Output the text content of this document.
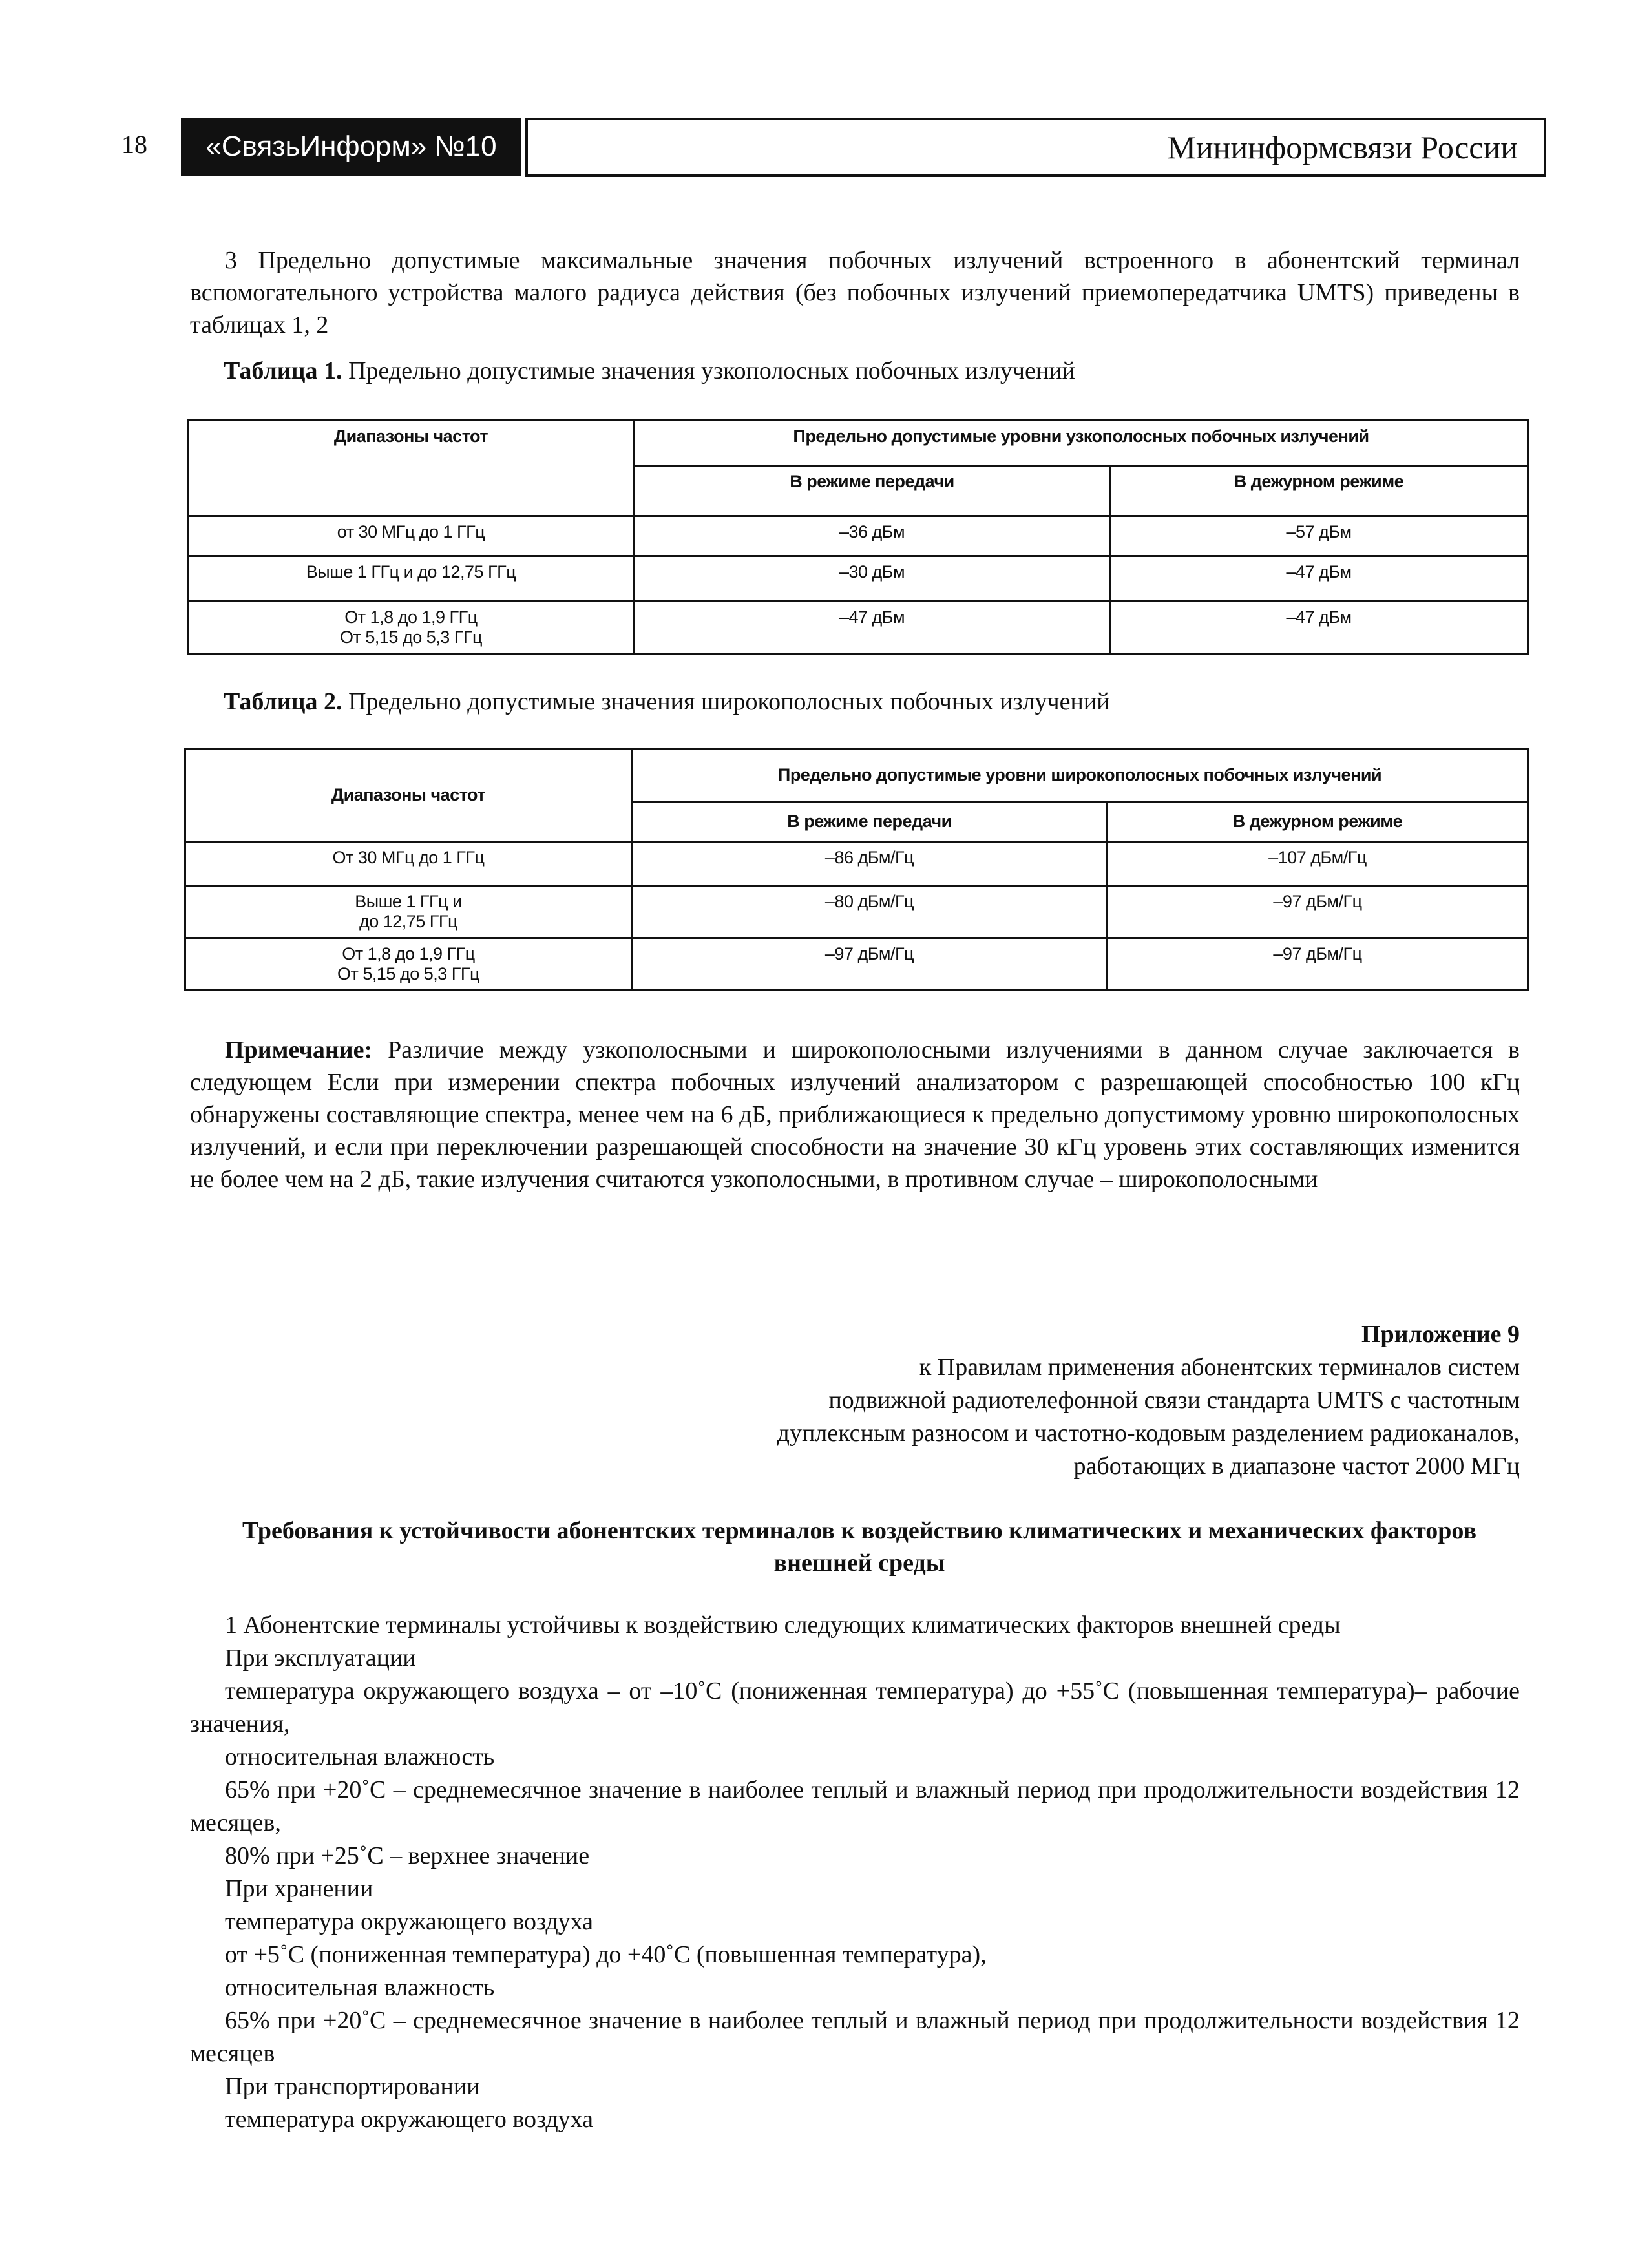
18	«СвязьИнформ» №10	Мининформсвязи России
3 Предельно допустимые максимальные значения побочных излучений встроенного в абонентский терминал вспомогательного устройства малого радиуса действия (без побочных излучений приемопередатчика UMTS) приведены в таблицах 1, 2
Таблица 1. Предельно допустимые значения узкополосных побочных излучений
Диапазоны частот	Предельно допустимые уровни узкополосных побочных излучений	
	В режиме передачи	В дежурном режиме
от 30 МГц до 1 ГГц	–36 дБм	–57 дБм
Выше 1 ГГц и до 12,75 ГГц	–30 дБм	–47 дБм

От 1,8 до 1,9 ГГц
От 5,15 до 5,3 ГГц	–47 дБм	–47 дБм
Таблица 2. Предельно допустимые значения широкополосных побочных излучений
Диапазоны частот	Предельно допустимые уровни широкополосных побочных излучений	
	В режиме передачи	В дежурном режиме
От 30 МГц до 1 ГГц	–86 дБм/Гц	–107 дБм/Гц

Выше 1 ГГц и
до 12,75 ГГц	–80 дБм/Гц	–97 дБм/Гц

От 1,8 до 1,9 ГГц
От 5,15 до 5,3 ГГц	–97 дБм/Гц	–97 дБм/Гц
Примечание: Различие между узкополосными и широкополосными излучениями в данном случае заключается в следующем Если при измерении спектра побочных излучений анализатором с разрешающей способностью 100 кГц обнаружены составляющие спектра, менее чем на 6 дБ, приближающиеся к предельно допустимому уровню широкополосных излучений, и если при переключении разрешающей способности на значение 30 кГц уровень этих составляющих изменится не более чем на 2 дБ, такие излучения считаются узкополосными, в противном случае – широкополосными
Приложение 9
к Правилам применения абонентских терминалов систем
подвижной радиотелефонной связи стандарта UMTS с частотным
дуплексным разносом и частотно-кодовым разделением радиоканалов,
работающих в диапазоне частот 2000 МГц
Требования к устойчивости абонентских терминалов к воздействию климатических и механических факторов внешней среды

1 Абонентские терминалы устойчивы к воздействию следующих климатических факторов внешней среды

При эксплуатации

температура окружающего воздуха – от –10˚С (пониженная температура) до +55˚С (повышенная температура)– рабочие значения,

относительная влажность

65% при +20˚С – среднемесячное значение в наиболее теплый и влажный период при продолжительности воздействия 12 месяцев,

80% при +25˚С – верхнее значение

При хранении

температура окружающего воздуха

от +5˚С (пониженная температура) до +40˚С (повышенная температура),

относительная влажность

65% при +20˚С – среднемесячное значение в наиболее теплый и влажный период при продолжительности воздействия 12 месяцев

При транспортировании

температура окружающего воздуха
